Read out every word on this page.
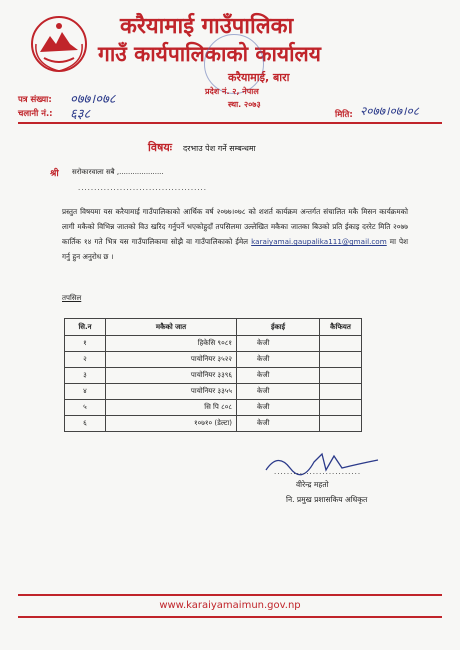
करैयामाई गाउँपालिका
गाउँ कार्यपालिकाको कार्यालय
करैयामाई, बारा
प्रदेश नं. २, नेपाल
स्था. २०७३
पत्र संख्या: ०७७।०७८
चलानी नं.: ६३८	मिति: २०७७।०७।०८
विषयः दरभाउ पेश गर्ने सम्बन्धमा
श्री सरोकारवाला सबै ,....................
........................................
प्रस्तुत विषयमा यस करैयामाई गाउँपालिकाको आर्थिक वर्ष २०७७।०७८ को शशर्त कार्यक्रम अन्तर्गत संचालित मकै मिसन कार्यक्रमको लागी मकैको विभिन्न जातको विउ खरिद गर्नुपर्ने भएकोहुदाँ तपसिलमा उल्लेखित मकैका जातका बिउको प्रति ईकाइ दररेट मिति २०७७ कार्तिक १४ गते भित्र यस गाउँपालिकामा सोझै वा गाउँपालिकाको ईमेल karaiyamai.gaupalika111@gmail.com मा पेश गर्नु हुन अनुरोध छ ।
तपसिल
सि.न	मकैको जात	ईकाई	कैफियत
१	हिकेसि ९०८१	केजी	
२	पायोनियर ३५२२	केजी	
३	पायोनियर ३३९६	केजी	
४	पायोनियर ३३५५	केजी	
५	सि पि ८०८	केजी	
६	१०७१० (डेल्टा)	केजी	
...........................
वीरेन्द्र महतो
नि. प्रमुख प्रशासकिय अधिकृत
www.karaiyamaimun.gov.np
